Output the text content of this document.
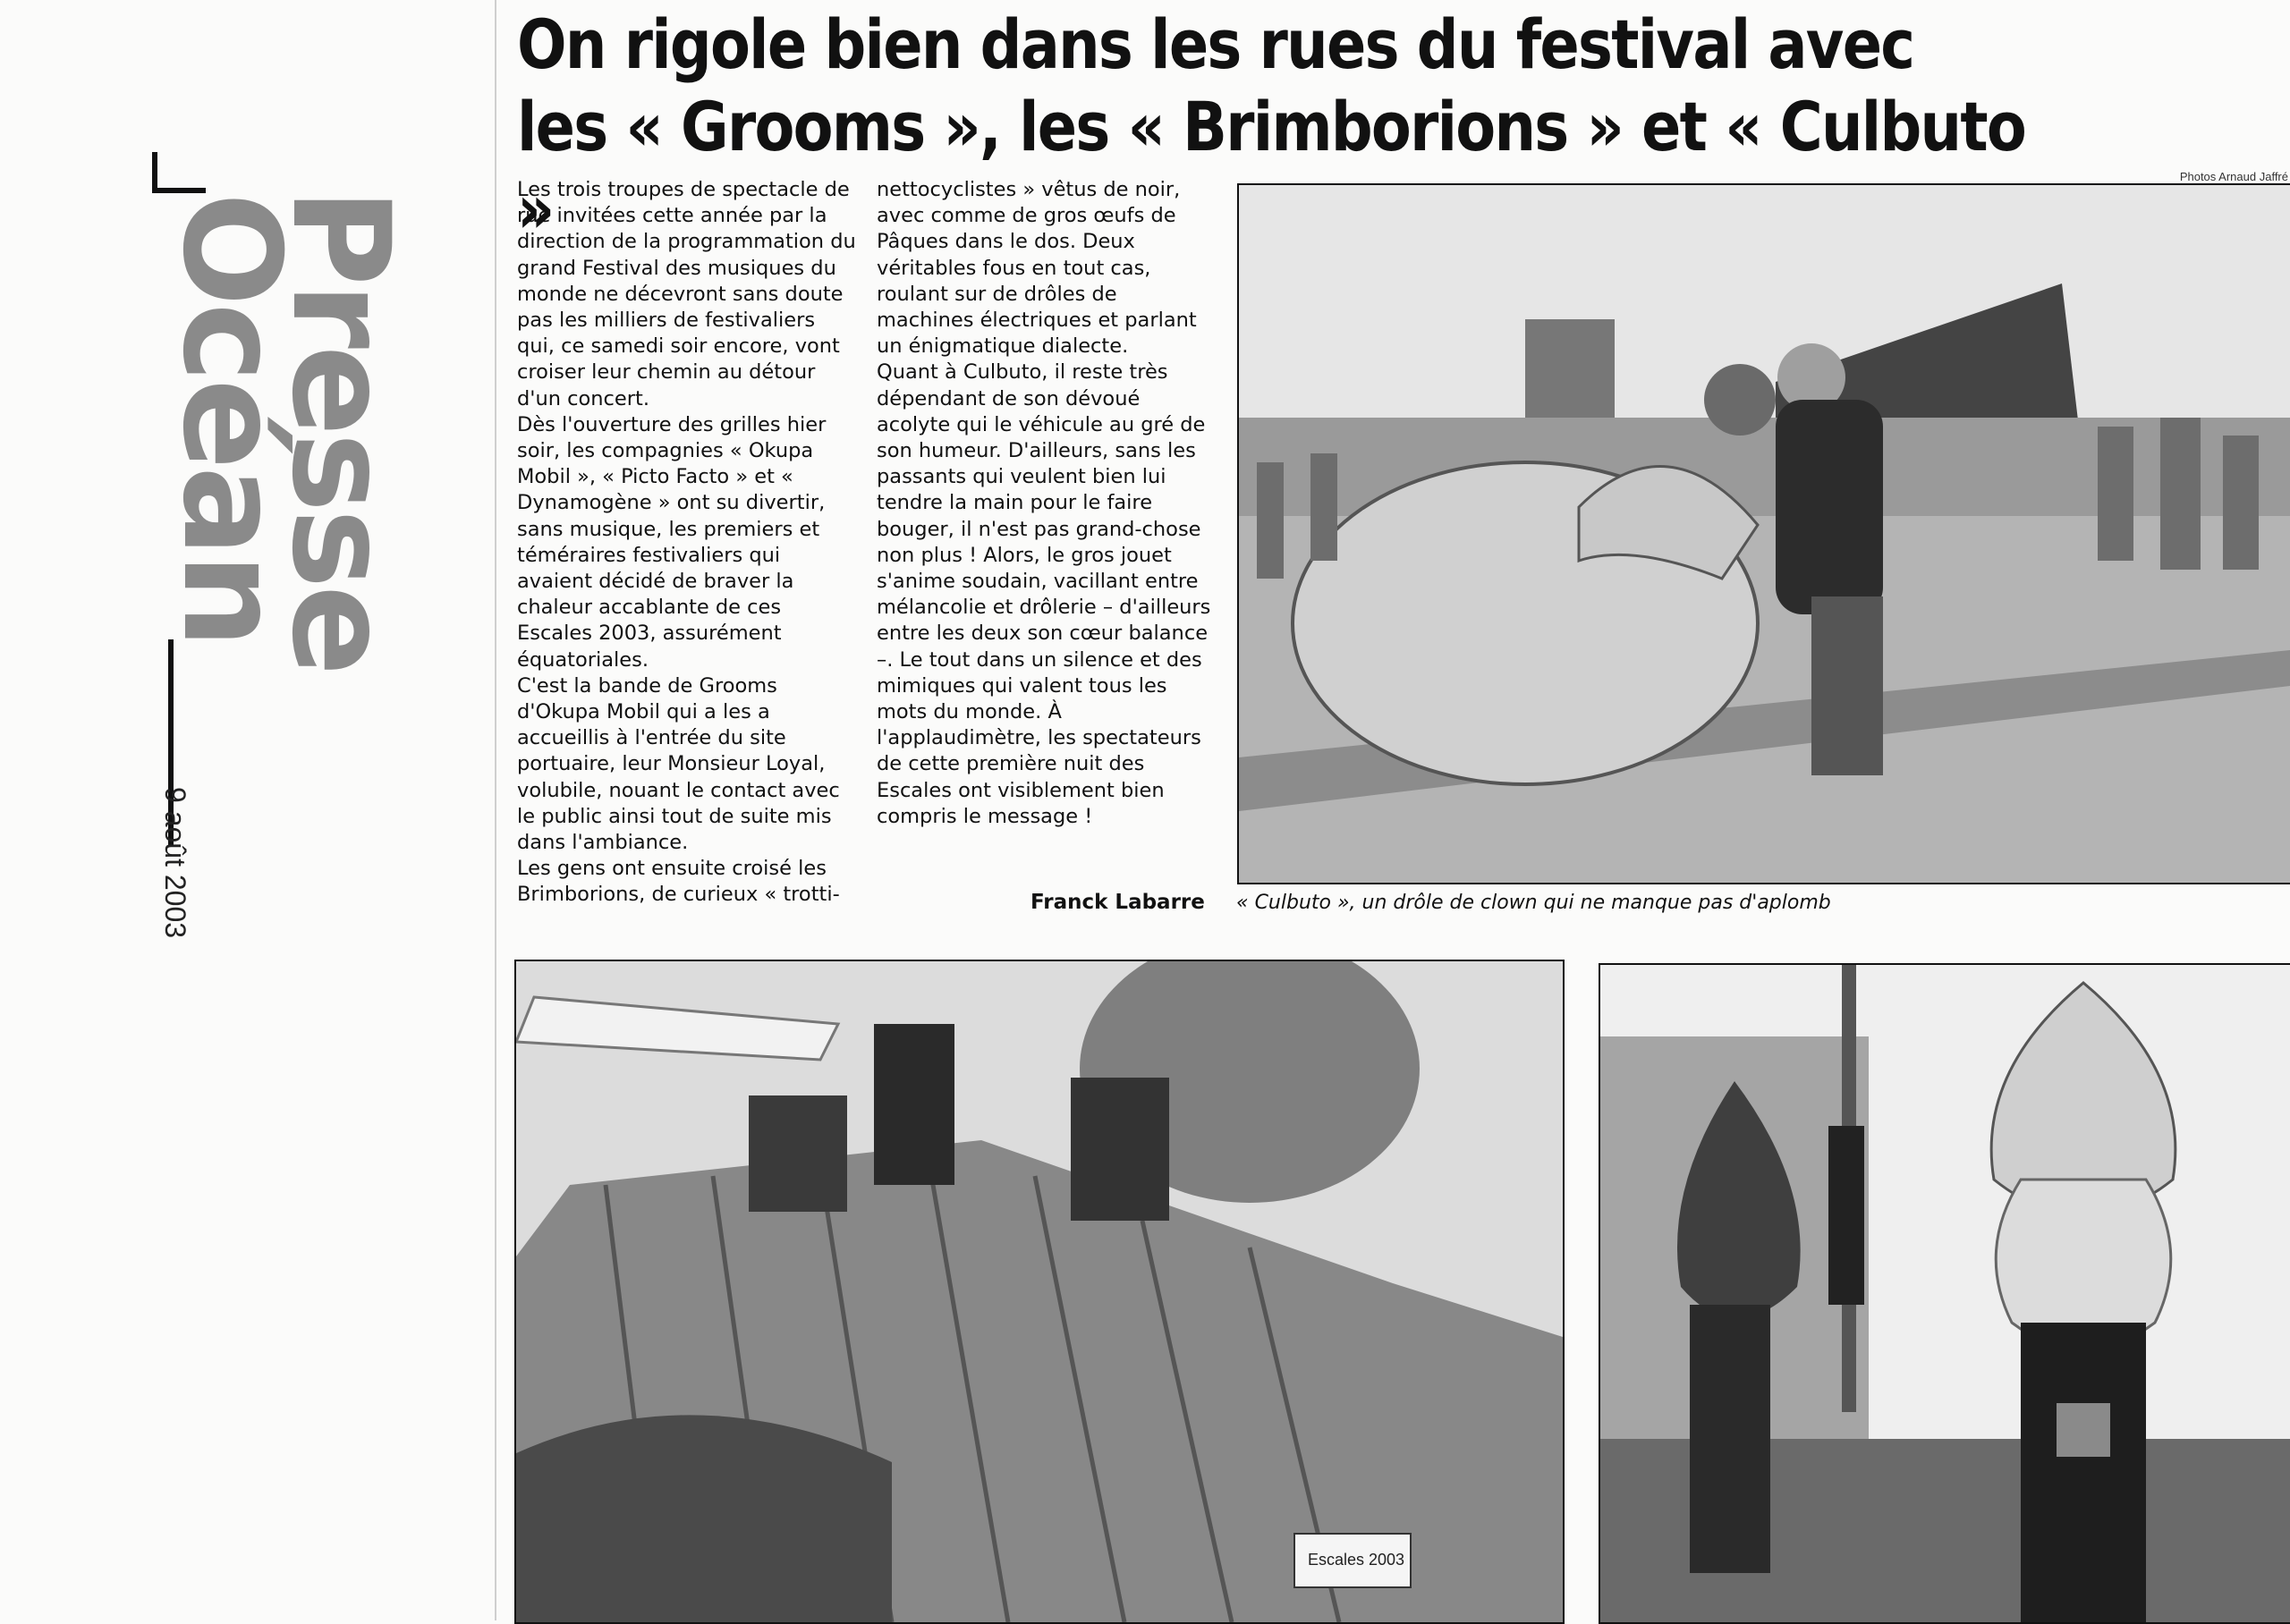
Presse
Océan
9 août 2003
On rigole bien dans les rues du festival avec
les « Grooms », les « Brimborions » et « Culbuto »

Les trois troupes de spectacle de rue invitées cette année par la direction de la programmation du grand Festival des musiques du monde ne décevront sans doute pas les milliers de festivaliers qui, ce samedi soir encore, vont croiser leur chemin au détour d'un concert.

Dès l'ouverture des grilles hier soir, les compagnies « Okupa Mobil », « Picto Facto » et « Dynamogène » ont su divertir, sans musique, les premiers et téméraires festivaliers qui avaient décidé de braver la chaleur accablante de ces Escales 2003, assurément équatoriales.

C'est la bande de Grooms d'Okupa Mobil qui a les a accueillis à l'entrée du site portuaire, leur Monsieur Loyal, volubile, nouant le contact avec le public ainsi tout de suite mis dans l'ambiance.

Les gens ont ensuite croisé les Brimborions, de curieux « trotti-

nettocyclistes » vêtus de noir, avec comme de gros œufs de Pâques dans le dos. Deux véritables fous en tout cas, roulant sur de drôles de machines électriques et parlant un énigmatique dialecte.

Quant à Culbuto, il reste très dépendant de son dévoué acolyte qui le véhicule au gré de son humeur. D'ailleurs, sans les passants qui veulent bien lui tendre la main pour le faire bouger, il n'est pas grand-chose non plus ! Alors, le gros jouet s'anime soudain, vacillant entre mélancolie et drôlerie – d'ailleurs entre les deux son cœur balance –. Le tout dans un silence et des mimiques qui valent tous les mots du monde. À l'applaudimètre, les spectateurs de cette première nuit des Escales ont visiblement bien compris le message !

Franck Labarre
Photos Arnaud Jaffré
« Culbuto », un drôle de clown qui ne manque pas d'aplomb
Escales 2003
